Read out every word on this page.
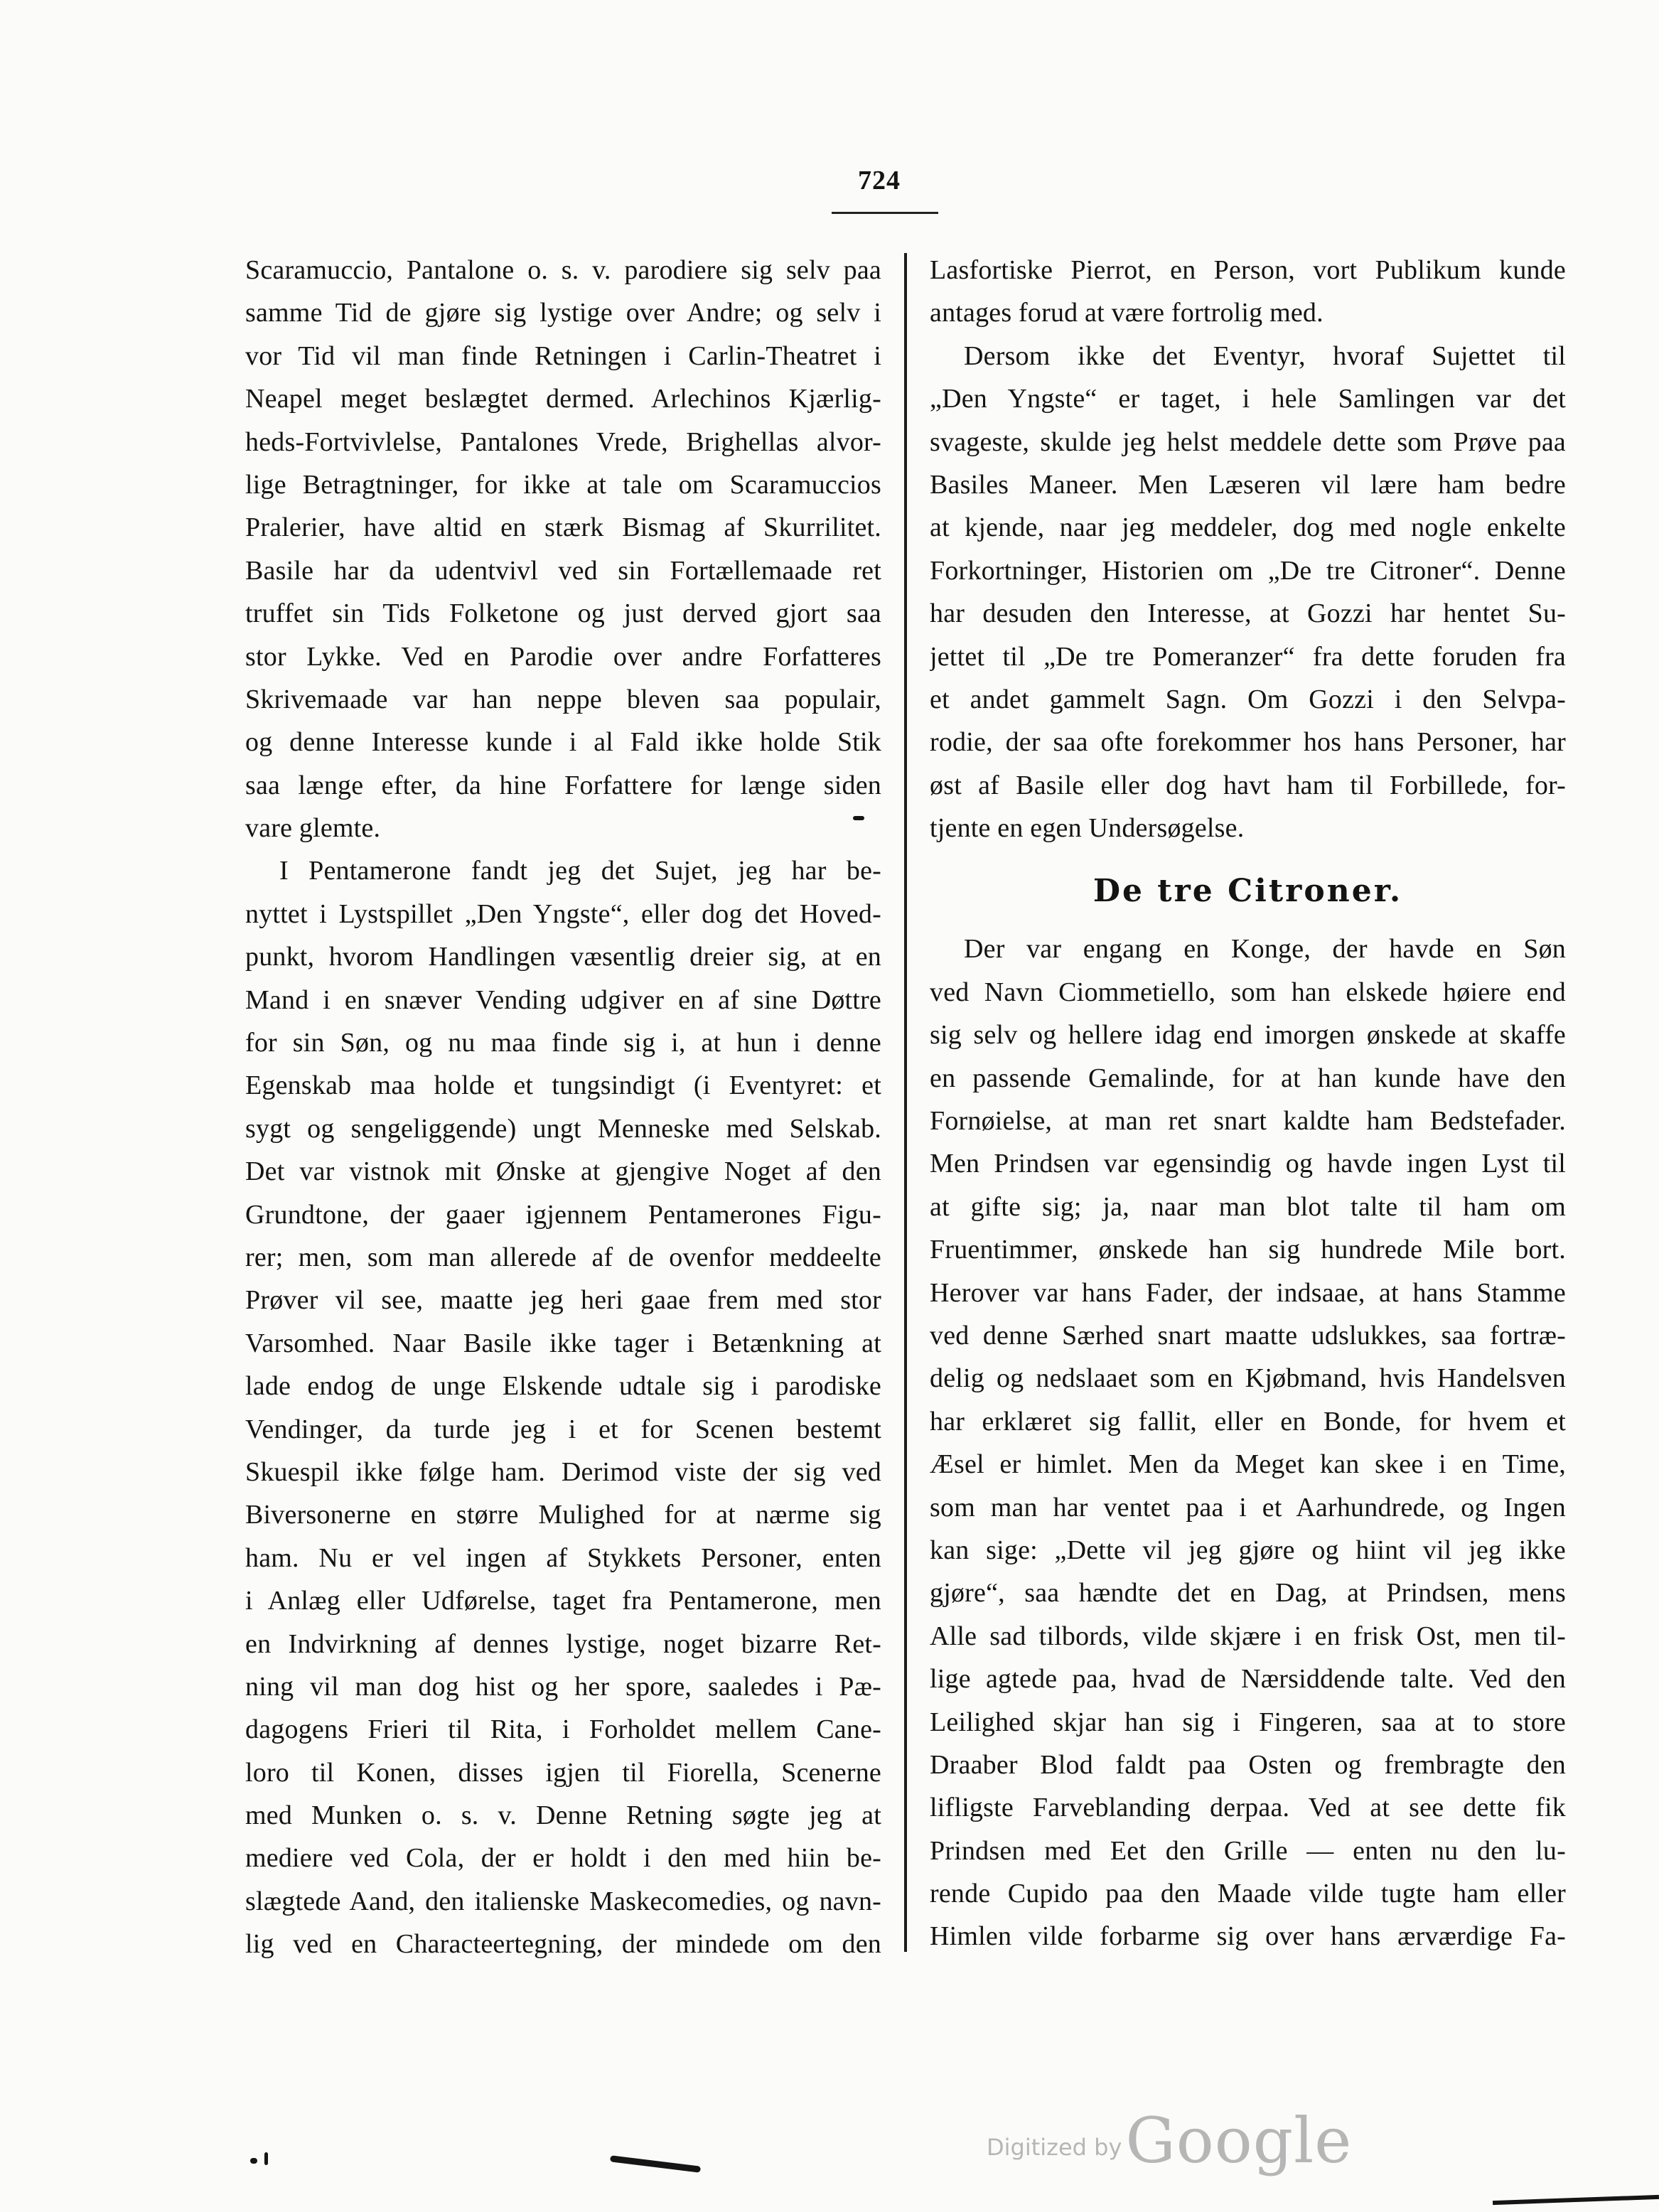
724
Scaramuccio, Pantalone o. s. v. parodiere sig selv paa
samme Tid de gjøre sig lystige over Andre; og selv i
vor Tid vil man finde Retningen i Carlin-Theatret i
Neapel meget beslægtet dermed. Arlechinos Kjærlig-
heds-Fortvivlelse, Pantalones Vrede, Brighellas alvor-
lige Betragtninger, for ikke at tale om Scaramuccios
Pralerier, have altid en stærk Bismag af Skurrilitet.
Basile har da udentvivl ved sin Fortællemaade ret
truffet sin Tids Folketone og just derved gjort saa
stor Lykke. Ved en Parodie over andre Forfatteres
Skrivemaade var han neppe bleven saa populair,
og denne Interesse kunde i al Fald ikke holde Stik
saa længe efter, da hine Forfattere for længe siden
vare glemte.
I Pentamerone fandt jeg det Sujet, jeg har be-
nyttet i Lystspillet „Den Yngste“, eller dog det Hoved-
punkt, hvorom Handlingen væsentlig dreier sig, at en
Mand i en snæver Vending udgiver en af sine Døttre
for sin Søn, og nu maa finde sig i, at hun i denne
Egenskab maa holde et tungsindigt (i Eventyret: et
sygt og sengeliggende) ungt Menneske med Selskab.
Det var vistnok mit Ønske at gjengive Noget af den
Grundtone, der gaaer igjennem Pentamerones Figu-
rer; men, som man allerede af de ovenfor meddeelte
Prøver vil see, maatte jeg heri gaae frem med stor
Varsomhed. Naar Basile ikke tager i Betænkning at
lade endog de unge Elskende udtale sig i parodiske
Vendinger, da turde jeg i et for Scenen bestemt
Skuespil ikke følge ham. Derimod viste der sig ved
Biversonerne en større Mulighed for at nærme sig
ham. Nu er vel ingen af Stykkets Personer, enten
i Anlæg eller Udførelse, taget fra Pentamerone, men
en Indvirkning af dennes lystige, noget bizarre Ret-
ning vil man dog hist og her spore, saaledes i Pæ-
dagogens Frieri til Rita, i Forholdet mellem Cane-
loro til Konen, disses igjen til Fiorella, Scenerne
med Munken o. s. v. Denne Retning søgte jeg at
mediere ved Cola, der er holdt i den med hiin be-
slægtede Aand, den italienske Maskecomedies, og navn-
lig ved en Characteertegning, der mindede om den
Lasfortiske Pierrot, en Person, vort Publikum kunde
antages forud at være fortrolig med.
Dersom ikke det Eventyr, hvoraf Sujettet til
„Den Yngste“ er taget, i hele Samlingen var det
svageste, skulde jeg helst meddele dette som Prøve paa
Basiles Maneer. Men Læseren vil lære ham bedre
at kjende, naar jeg meddeler, dog med nogle enkelte
Forkortninger, Historien om „De tre Citroner“. Denne
har desuden den Interesse, at Gozzi har hentet Su-
jettet til „De tre Pomeranzer“ fra dette foruden fra
et andet gammelt Sagn. Om Gozzi i den Selvpa-
rodie, der saa ofte forekommer hos hans Personer, har
øst af Basile eller dog havt ham til Forbillede, for-
tjente en egen Undersøgelse.
De tre Citroner.
Der var engang en Konge, der havde en Søn
ved Navn Ciommetiello, som han elskede høiere end
sig selv og hellere idag end imorgen ønskede at skaffe
en passende Gemalinde, for at han kunde have den
Fornøielse, at man ret snart kaldte ham Bedstefader.
Men Prindsen var egensindig og havde ingen Lyst til
at gifte sig; ja, naar man blot talte til ham om
Fruentimmer, ønskede han sig hundrede Mile bort.
Herover var hans Fader, der indsaae, at hans Stamme
ved denne Særhed snart maatte udslukkes, saa fortræ-
delig og nedslaaet som en Kjøbmand, hvis Handelsven
har erklæret sig fallit, eller en Bonde, for hvem et
Æsel er himlet. Men da Meget kan skee i en Time,
som man har ventet paa i et Aarhundrede, og Ingen
kan sige: „Dette vil jeg gjøre og hiint vil jeg ikke
gjøre“, saa hændte det en Dag, at Prindsen, mens
Alle sad tilbords, vilde skjære i en frisk Ost, men til-
lige agtede paa, hvad de Nærsiddende talte. Ved den
Leilighed skjar han sig i Fingeren, saa at to store
Draaber Blod faldt paa Osten og frembragte den
lifligste Farveblanding derpaa. Ved at see dette fik
Prindsen med Eet den Grille — enten nu den lu-
rende Cupido paa den Maade vilde tugte ham eller
Himlen vilde forbarme sig over hans ærværdige Fa-
Digitized by Google
